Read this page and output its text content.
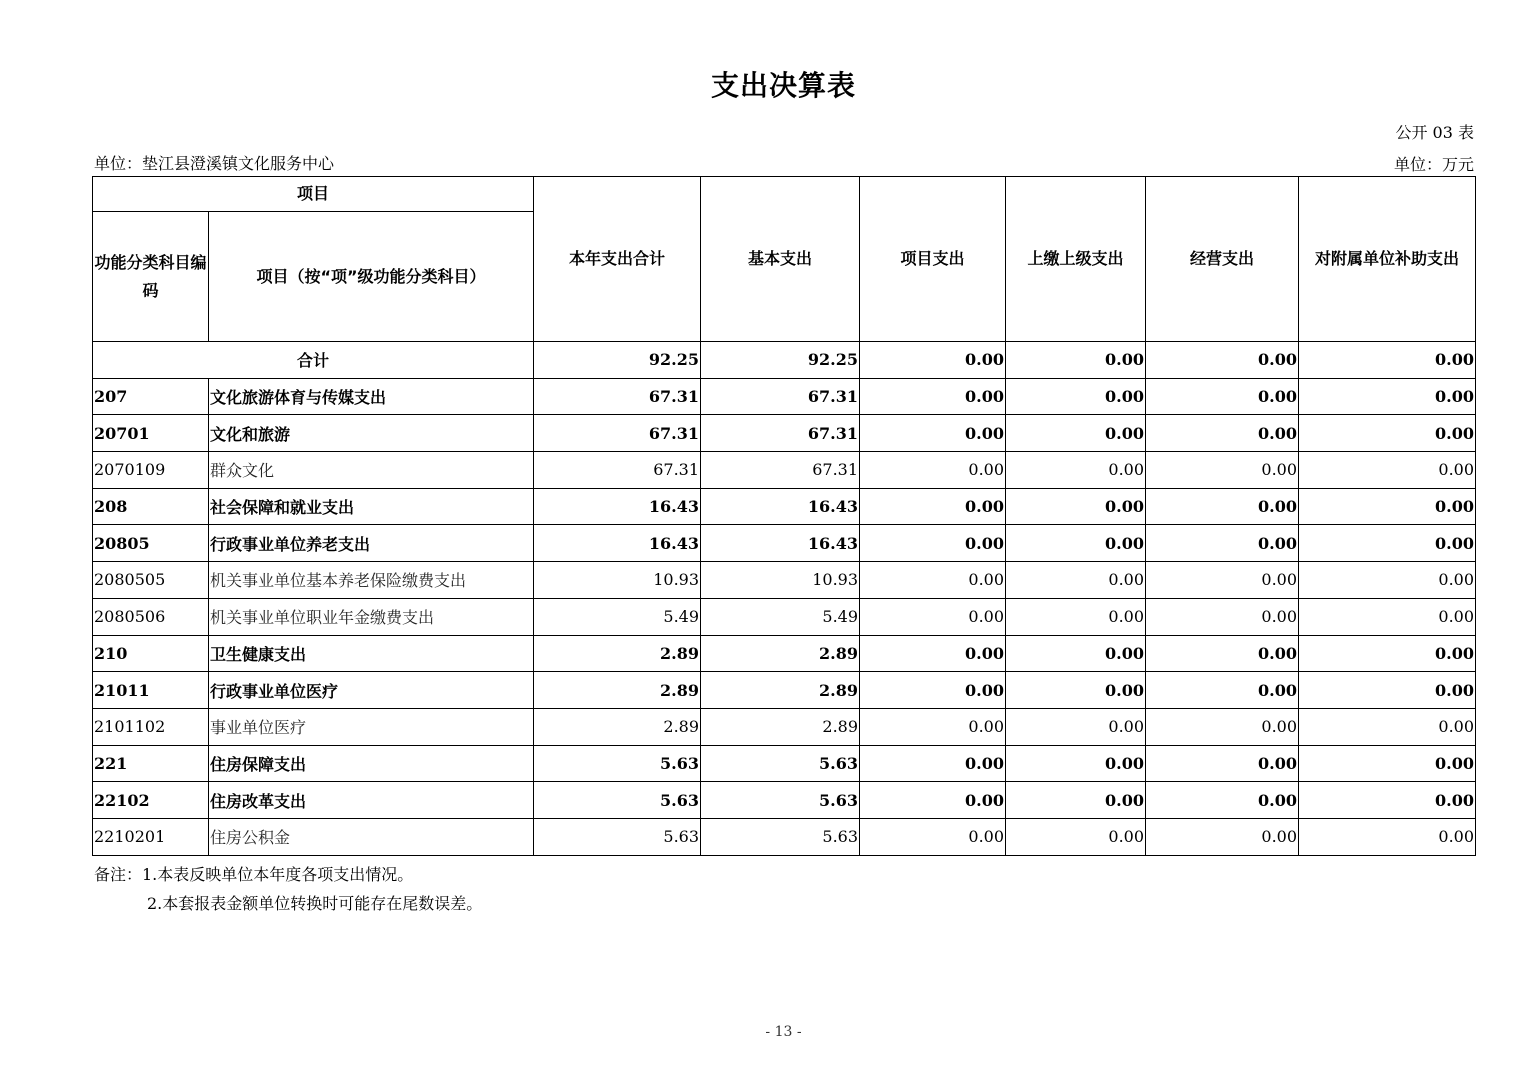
支出决算表
公开 03 表
单位：垫江县澄溪镇文化服务中心	单位：万元
项目		本年支出合计	基本支出	项目支出	上缴上级支出	经营支出	对附属单位补助支出
功能分类科目编码	项目（按“项”级功能分类科目）						
合计		92.25	92.25	0.00	0.00	0.00	0.00
207	文化旅游体育与传媒支出	67.31	67.31	0.00	0.00	0.00	0.00
20701	文化和旅游	67.31	67.31	0.00	0.00	0.00	0.00
2070109	群众文化	67.31	67.31	0.00	0.00	0.00	0.00
208	社会保障和就业支出	16.43	16.43	0.00	0.00	0.00	0.00
20805	行政事业单位养老支出	16.43	16.43	0.00	0.00	0.00	0.00
2080505	机关事业单位基本养老保险缴费支出	10.93	10.93	0.00	0.00	0.00	0.00
2080506	机关事业单位职业年金缴费支出	5.49	5.49	0.00	0.00	0.00	0.00
210	卫生健康支出	2.89	2.89	0.00	0.00	0.00	0.00
21011	行政事业单位医疗	2.89	2.89	0.00	0.00	0.00	0.00
2101102	事业单位医疗	2.89	2.89	0.00	0.00	0.00	0.00
221	住房保障支出	5.63	5.63	0.00	0.00	0.00	0.00
22102	住房改革支出	5.63	5.63	0.00	0.00	0.00	0.00
2210201	住房公积金	5.63	5.63	0.00	0.00	0.00	0.00
备注：1.本表反映单位本年度各项支出情况。
2.本套报表金额单位转换时可能存在尾数误差。
- 13 -
